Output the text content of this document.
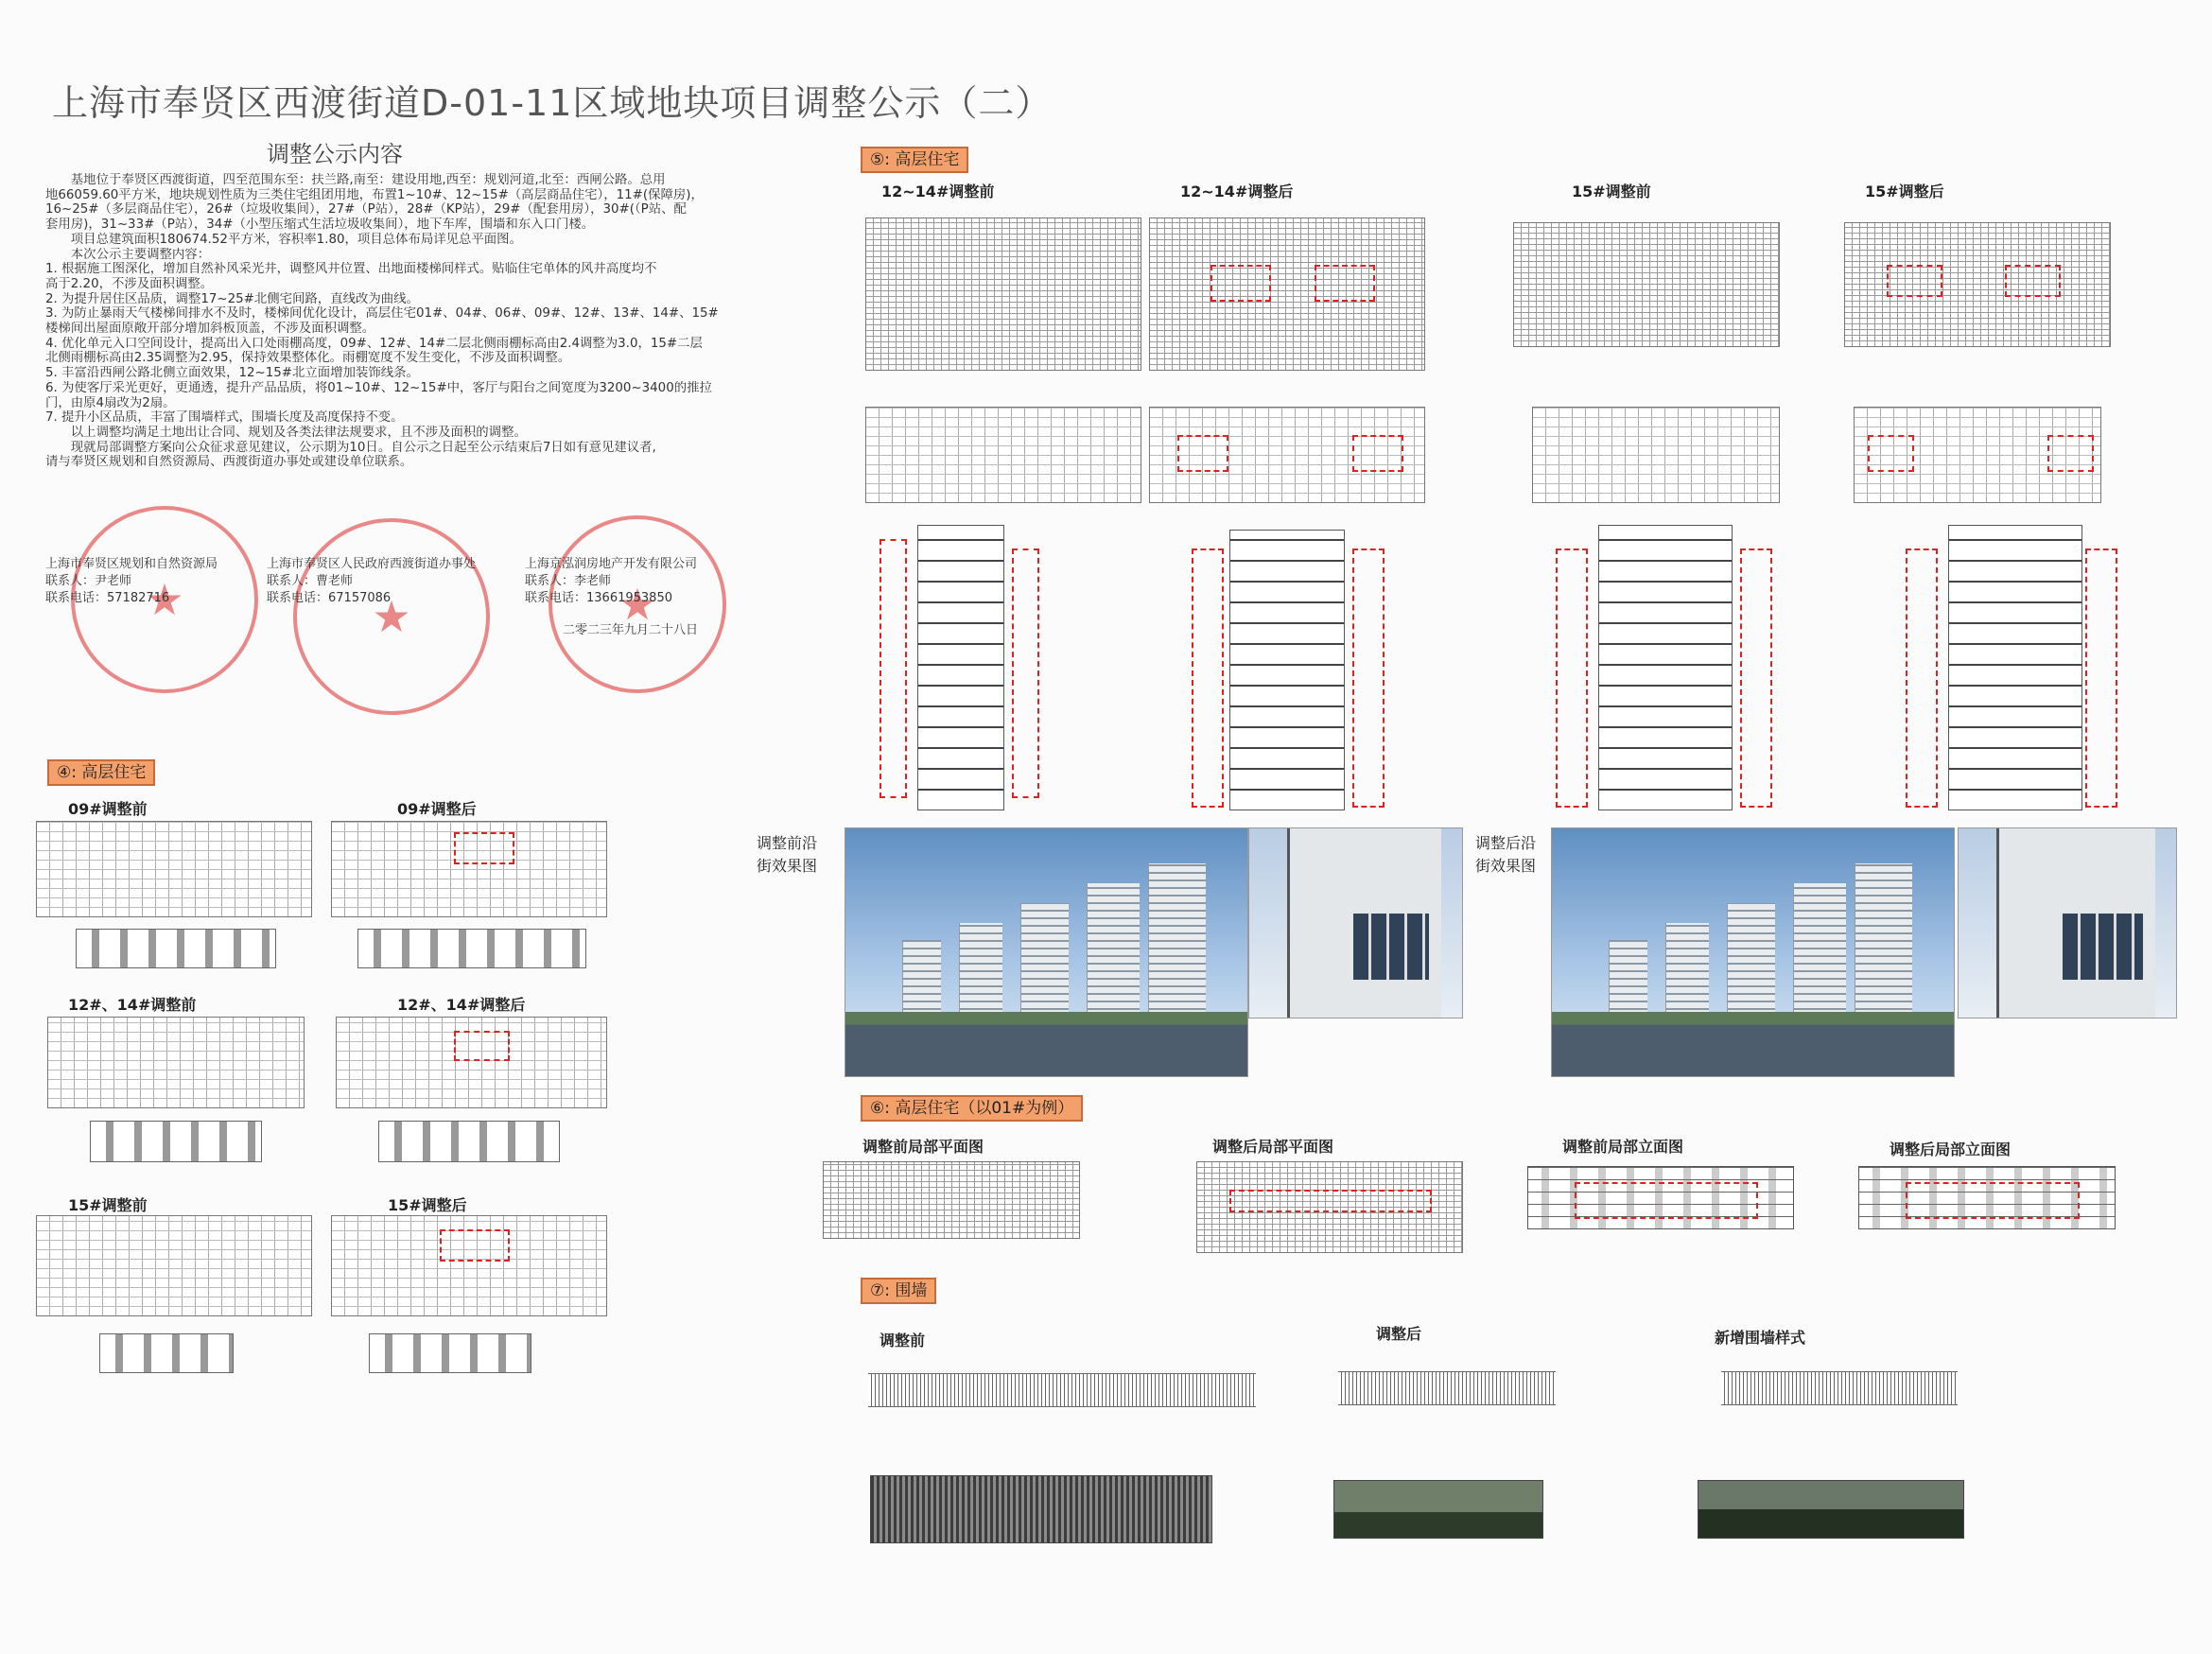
上海市奉贤区西渡街道D-01-11区域地块项目调整公示（二）
调整公示内容

基地位于奉贤区西渡街道，四至范围东至：扶兰路,南至：建设用地,西至：规划河道,北至：西闸公路。总用

地66059.60平方米，地块规划性质为三类住宅组团用地，布置1~10#、12~15#（高层商品住宅），11#(保障房)，

16~25#（多层商品住宅），26#（垃圾收集间），27#（P站），28#（KP站），29#（配套用房），30#(（P站、配

套用房)，31~33#（P站），34#（小型压缩式生活垃圾收集间），地下车库，围墙和东入口门楼。

项目总建筑面积180674.52平方米，容积率1.80，项目总体布局详见总平面图。

本次公示主要调整内容：

1. 根据施工图深化，增加自然补风采光井，调整风井位置、出地面楼梯间样式。贴临住宅单体的风井高度均不

高于2.20，不涉及面积调整。

2. 为提升居住区品质，调整17~25#北侧宅间路，直线改为曲线。

3. 为防止暴雨天气楼梯间排水不及时，楼梯间优化设计，高层住宅01#、04#、06#、09#、12#、13#、14#、15#

楼梯间出屋面原敞开部分增加斜板顶盖，不涉及面积调整。

4. 优化单元入口空间设计，提高出入口处雨棚高度，09#、12#、14#二层北侧雨棚标高由2.4调整为3.0，15#二层

北侧雨棚标高由2.35调整为2.95，保持效果整体化。雨棚宽度不发生变化，不涉及面积调整。

5. 丰富沿西闸公路北侧立面效果，12~15#北立面增加装饰线条。

6. 为使客厅采光更好，更通透，提升产品品质，将01~10#、12~15#中，客厅与阳台之间宽度为3200~3400的推拉

门，由原4扇改为2扇。

7. 提升小区品质，丰富了围墙样式，围墙长度及高度保持不变。

以上调整均满足土地出让合同、规划及各类法律法规要求，且不涉及面积的调整。

现就局部调整方案向公众征求意见建议，公示期为10日。自公示之日起至公示结束后7日如有意见建议者,

请与奉贤区规划和自然资源局、西渡街道办事处或建设单位联系。

★	★	★
上海市奉贤区规划和自然资源局
联系人：尹老师
联系电话：57182716
上海市奉贤区人民政府西渡街道办事处
联系人：曹老师
联系电话：67157086
上海京泓润房地产开发有限公司
联系人：李老师
联系电话：13661953850
二零二三年九月二十八日
④: 高层住宅
09#调整前	09#调整后
12#、14#调整前	12#、14#调整后
15#调整前	15#调整后
⑤: 高层住宅
12~14#调整前	12~14#调整后	15#调整前	15#调整后
调整前沿
街效果图
调整后沿
街效果图
⑥: 高层住宅（以01#为例）
调整前局部平面图	调整后局部平面图	调整前局部立面图	调整后局部立面图
⑦: 围墙
调整前	调整后	新增围墙样式
